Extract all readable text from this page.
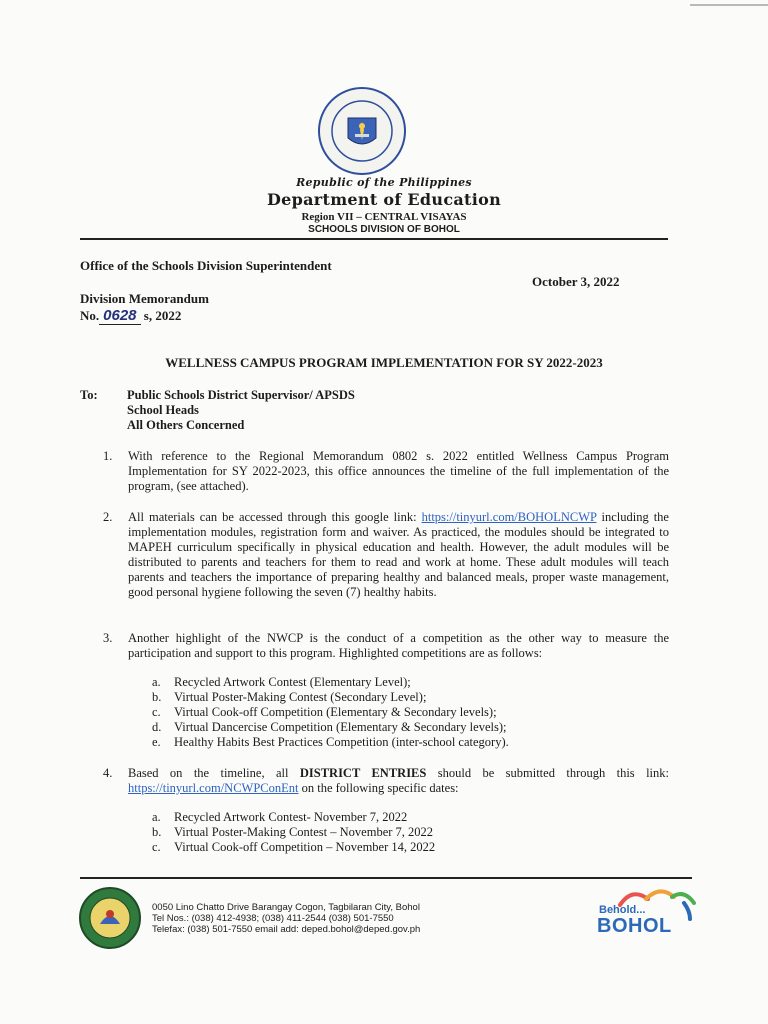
Republic of the Philippines
Department of Education
Region VII – CENTRAL VISAYAS
SCHOOLS DIVISION OF BOHOL
Office of the Schools Division Superintendent
October 3, 2022
Division Memorandum
No. 0628 s, 2022
WELLNESS CAMPUS PROGRAM IMPLEMENTATION FOR SY 2022-2023
To: Public Schools District Supervisor/ APSDS
School Heads
All Others Concerned
1.	With reference to the Regional Memorandum 0802 s. 2022 entitled Wellness Campus Program Implementation for SY 2022-2023, this office announces the timeline of the full implementation of the program, (see attached).
2.	All materials can be accessed through this google link: https://tinyurl.com/BOHOLNCWP including the implementation modules, registration form and waiver. As practiced, the modules should be integrated to MAPEH curriculum specifically in physical education and health. However, the adult modules will be distributed to parents and teachers for them to read and work at home. These adult modules will teach parents and teachers the importance of preparing healthy and balanced meals, proper waste management, good personal hygiene following the seven (7) healthy habits.
3.	Another highlight of the NWCP is the conduct of a competition as the other way to measure the participation and support to this program. Highlighted competitions are as follows:
a.	Recycled Artwork Contest (Elementary Level);
b.	Virtual Poster-Making Contest (Secondary Level);
c.	Virtual Cook-off Competition (Elementary & Secondary levels);
d.	Virtual Dancercise Competition (Elementary & Secondary levels);
e.	Healthy Habits Best Practices Competition (inter-school category).
4.	Based on the timeline, all DISTRICT ENTRIES should be submitted through this link: https://tinyurl.com/NCWPConEnt on the following specific dates:
a.	Recycled Artwork Contest- November 7, 2022
b.	Virtual Poster-Making Contest – November 7, 2022
c.	Virtual Cook-off Competition – November 14, 2022
0050 Lino Chatto Drive Barangay Cogon, Tagbilaran City, Bohol
Tel Nos.: (038) 412-4938; (038) 411-2544 (038) 501-7550
Telefax: (038) 501-7550 email add: deped.bohol@deped.gov.ph
Behold...
BOHOL
